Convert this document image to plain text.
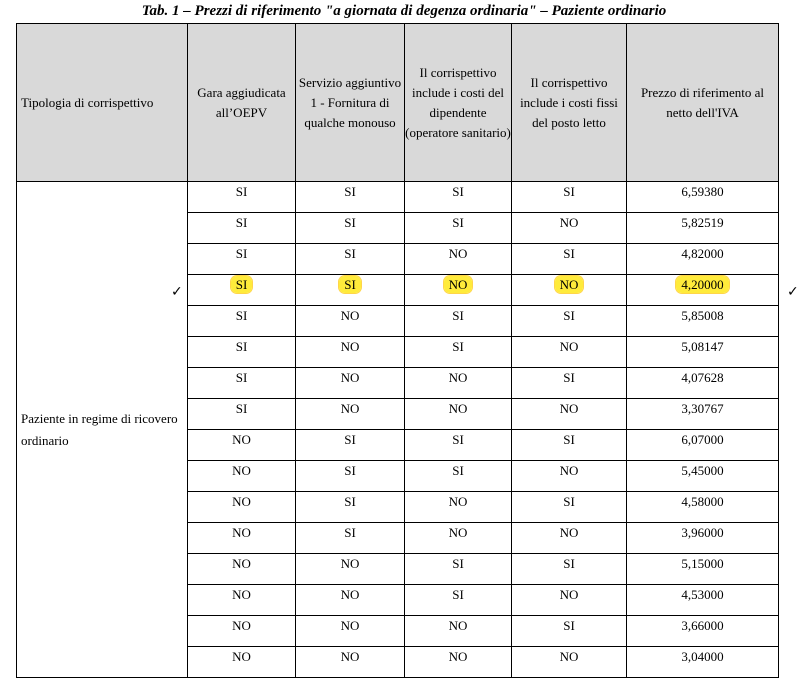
Tab. 1 – Prezzi di riferimento "a giornata di degenza ordinaria" – Paziente ordinario
Tipologia di corrispettivo	Gara aggiudicata all’OEPV	Servizio aggiuntivo 1 - Fornitura di qualche monouso	Il corrispettivo include i costi del dipendente (operatore sanitario)	Il corrispettivo include i costi fissi del posto letto	Prezzo di riferimento al netto dell'IVA
Paziente in regime di ricovero ordinario	SI	SI	SI	SI	6,59380
	SI	SI	SI	NO	5,82519
	SI	SI	NO	SI	4,82000
	SI	SI	NO	NO	4,20000
	SI	NO	SI	SI	5,85008
	SI	NO	SI	NO	5,08147
	SI	NO	NO	SI	4,07628
	SI	NO	NO	NO	3,30767
	NO	SI	SI	SI	6,07000
	NO	SI	SI	NO	5,45000
	NO	SI	NO	SI	4,58000
	NO	SI	NO	NO	3,96000
	NO	NO	SI	SI	5,15000
	NO	NO	SI	NO	4,53000
	NO	NO	NO	SI	3,66000
	NO	NO	NO	NO	3,04000
✓	✓
